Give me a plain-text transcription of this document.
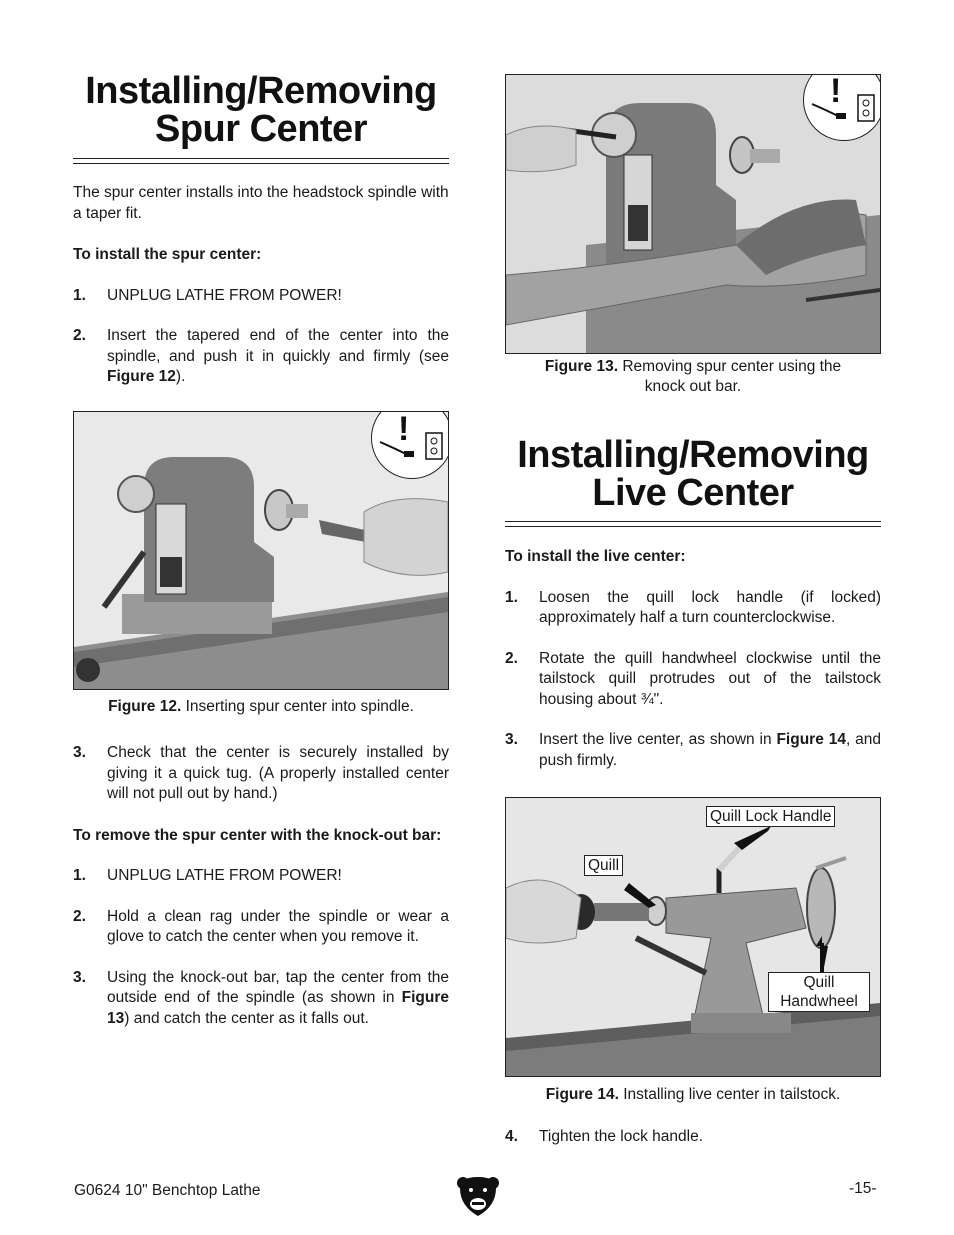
Installing/Removing
Spur Center

The spur center installs into the headstock spindle with a taper fit.

To install the spur center:

1.	UNPLUG LATHE FROM POWER!
2.	Insert the tapered end of the center into the spindle, and push it in quickly and firmly (see Figure 12).
!
Figure 12. Inserting spur center into spindle.
3.	Check that the center is securely installed by giving it a quick tug. (A properly installed center will not pull out by hand.)

To remove the spur center with the knock-out bar:

1.	UNPLUG LATHE FROM POWER!
2.	Hold a clean rag under the spindle or wear a glove to catch the center when you remove it.
3.	Using the knock-out bar, tap the center from the outside end of the spindle (as shown in Figure 13) and catch the center as it falls out.
!
Figure 13. Removing spur center using the
knock out bar.
Installing/Removing
Live Center

To install the live center:

1.	Loosen the quill lock handle (if locked) approximately half a turn counterclockwise.
2.	Rotate the quill handwheel clockwise until the tailstock quill protrudes out of the tailstock housing about ¾".
3.	Insert the live center, as shown in Figure 14, and push firmly.
Quill Lock Handle
Quill
Quill
Handwheel
Figure 14. Installing live center in tailstock.
4.	Tighten the lock handle.
G0624 10" Benchtop Lathe	-15-
